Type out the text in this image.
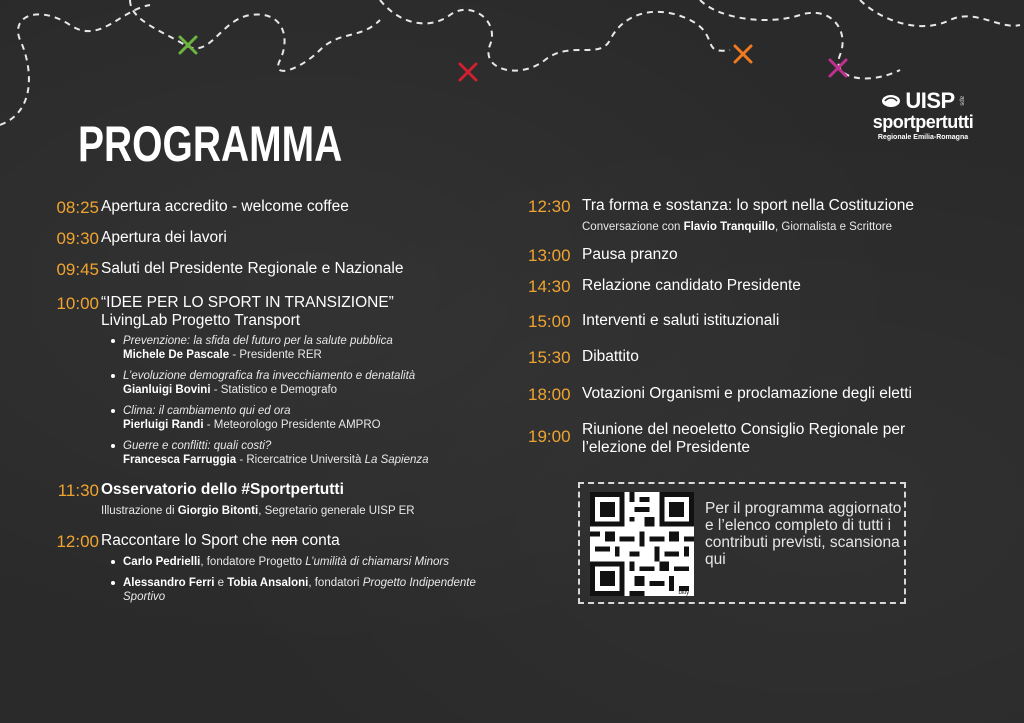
PROGRAMMA
UISP aps
sportpertutti
Regionale Emilia-Romagna
08:25 Apertura accredito - welcome coffee
09:30 Apertura dei lavori
09:45 Saluti del Presidente Regionale e Nazionale
10:00 “IDEE PER LO SPORT IN TRANSIZIONE”
LivingLab Progetto Transport
Prevenzione: la sfida del futuro per la salute pubblica
Michele De Pascale - Presidente RER
L’evoluzione demografica fra invecchiamento e denatalità
Gianluigi Bovini - Statistico e Demografo
Clima: il cambiamento qui ed ora
Pierluigi Randi - Meteorologo Presidente AMPRO
Guerre e conflitti: quali costi?
Francesca Farruggia - Ricercatrice Università La Sapienza
11:30 Osservatorio dello #Sportpertutti
Illustrazione di Giorgio Bitonti, Segretario generale UISP ER
12:00 Raccontare lo Sport che non conta
Carlo Pedrielli, fondatore Progetto L’umilità di chiamarsi Minors
Alessandro Ferri e Tobia Ansaloni, fondatori Progetto Indipendente Sportivo
12:30 Tra forma e sostanza: lo sport nella Costituzione
Conversazione con Flavio Tranquillo, Giornalista e Scrittore
13:00 Pausa pranzo
14:30 Relazione candidato Presidente
15:00 Interventi e saluti istituzionali
15:30 Dibattito
18:00 Votazioni Organismi e proclamazione degli eletti
19:00 Riunione del neoeletto Consiglio Regionale per
l’elezione del Presidente
bitly
Per il programma aggiornato e l’elenco completo di tutti i contributi previsti, scansiona qui
